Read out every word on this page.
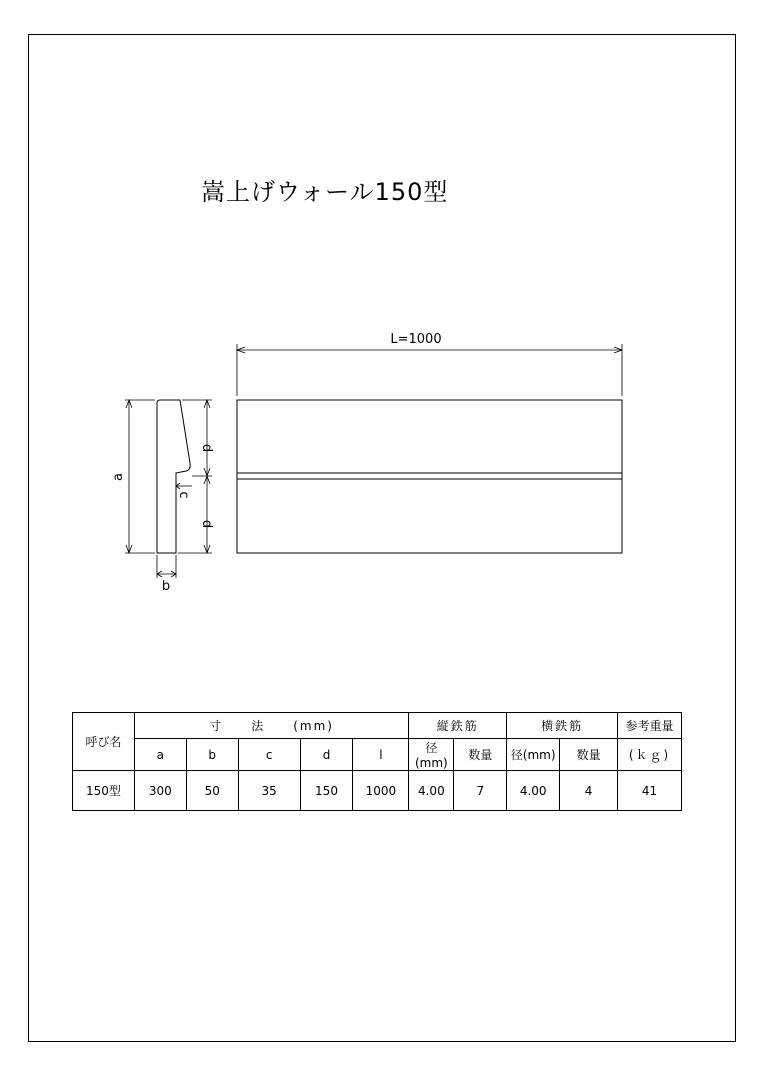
嵩上げウォール150型
L=1000
a
d
d
c
b
呼び名	寸　　法　　(mm)					縦鉄筋		横鉄筋		参考重量
	a	b	c	d	l	径(mm)	数量	径(mm)	数量	(ｋｇ)
150型	300	50	35	150	1000	4.00	7	4.00	4	41
